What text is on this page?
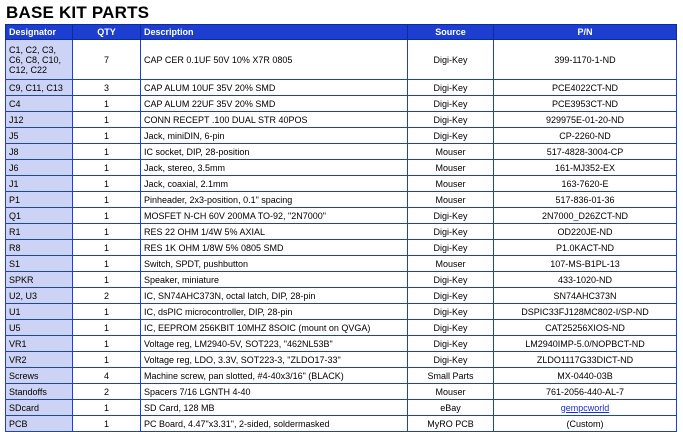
BASE KIT PARTS
Designator	QTY	Description	Source	P/N
C1, C2, C3, C6, C8, C10, C12, C22	7	CAP CER 0.1UF 50V 10% X7R 0805	Digi-Key	399-1170-1-ND
C9, C11, C13	3	CAP ALUM 10UF 35V 20% SMD	Digi-Key	PCE4022CT-ND
C4	1	CAP ALUM 22UF 35V 20% SMD	Digi-Key	PCE3953CT-ND
J12	1	CONN RECEPT .100 DUAL STR 40POS	Digi-Key	929975E-01-20-ND
J5	1	Jack, miniDIN, 6-pin	Digi-Key	CP-2260-ND
J8	1	IC socket, DIP, 28-position	Mouser	517-4828-3004-CP
J6	1	Jack, stereo, 3.5mm	Mouser	161-MJ352-EX
J1	1	Jack, coaxial, 2.1mm	Mouser	163-7620-E
P1	1	Pinheader, 2x3-position, 0.1" spacing	Mouser	517-836-01-36
Q1	1	MOSFET N-CH 60V 200MA TO-92, "2N7000"	Digi-Key	2N7000_D26ZCT-ND
R1	1	RES 22 OHM 1/4W 5% AXIAL	Digi-Key	OD220JE-ND
R8	1	RES 1K OHM 1/8W 5% 0805 SMD	Digi-Key	P1.0KACT-ND
S1	1	Switch, SPDT, pushbutton	Mouser	107-MS-B1PL-13
SPKR	1	Speaker, miniature	Digi-Key	433-1020-ND
U2, U3	2	IC, SN74AHC373N, octal latch, DIP, 28-pin	Digi-Key	SN74AHC373N
U1	1	IC, dsPIC microcontroller, DIP, 28-pin	Digi-Key	DSPIC33FJ128MC802-I/SP-ND
U5	1	IC, EEPROM 256KBIT 10MHZ 8SOIC (mount on QVGA)	Digi-Key	CAT25256XIOS-ND
VR1	1	Voltage reg, LM2940-5V, SOT223, "462NL53B"	Digi-Key	LM2940IMP-5.0/NOPBCT-ND
VR2	1	Voltage reg, LDO, 3.3V, SOT223-3, "ZLDO17-33"	Digi-Key	ZLDO1117G33DICT-ND
Screws	4	Machine screw, pan slotted, #4-40x3/16" (BLACK)	Small Parts	MX-0440-03B
Standoffs	2	Spacers 7/16 LGNTH 4-40	Mouser	761-2056-440-AL-7
SDcard	1	SD Card, 128 MB	eBay	gempcworld
PCB	1	PC Board, 4.47"x3.31", 2-sided, soldermasked	MyRO PCB	(Custom)
